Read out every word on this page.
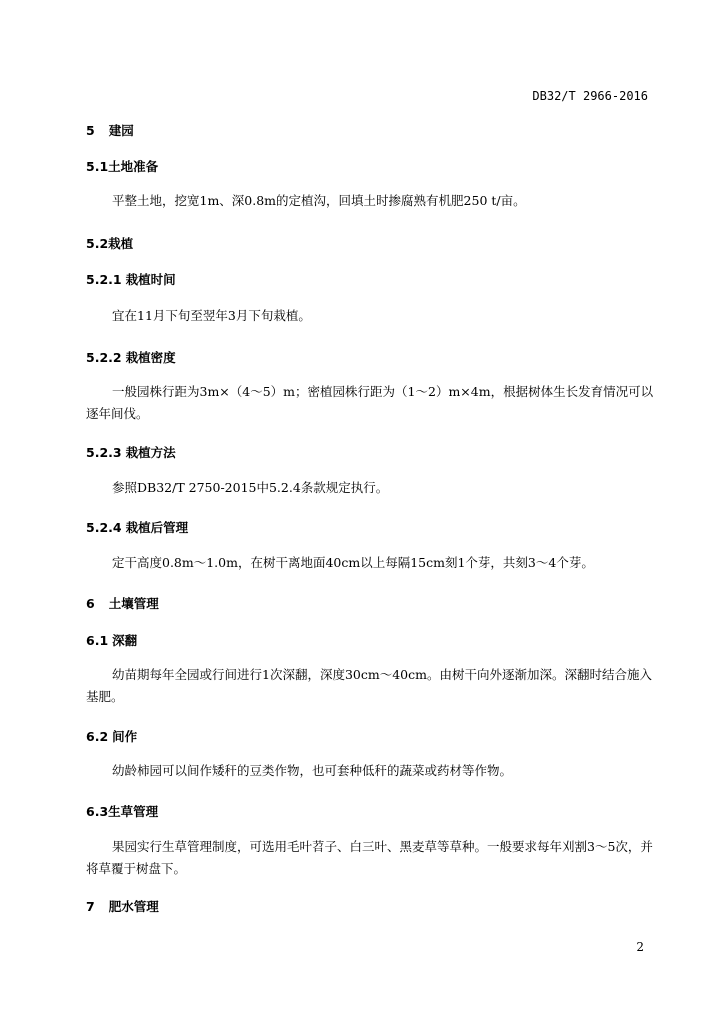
DB32/T 2966-2016
5 建园
5.1土地准备
平整土地，挖宽1m、深0.8m的定植沟，回填土时掺腐熟有机肥250 t/亩。
5.2栽植
5.2.1 栽植时间
宜在11月下旬至翌年3月下旬栽植。
5.2.2 栽植密度
一般园株行距为3m×（4～5）m；密植园株行距为（1～2）m×4m，根据树体生长发育情况可以逐年间伐。
5.2.3 栽植方法
参照DB32/T 2750-2015中5.2.4条款规定执行。
5.2.4 栽植后管理
定干高度0.8m～1.0m，在树干离地面40cm以上每隔15cm刻1个芽，共刻3～4个芽。
6 土壤管理
6.1 深翻
幼苗期每年全园或行间进行1次深翻，深度30cm～40cm。由树干向外逐渐加深。深翻时结合施入基肥。
6.2 间作
幼龄柿园可以间作矮秆的豆类作物，也可套种低秆的蔬菜或药材等作物。
6.3生草管理
果园实行生草管理制度，可选用毛叶苕子、白三叶、黑麦草等草种。一般要求每年刈割3～5次，并将草覆于树盘下。
7 肥水管理
2
